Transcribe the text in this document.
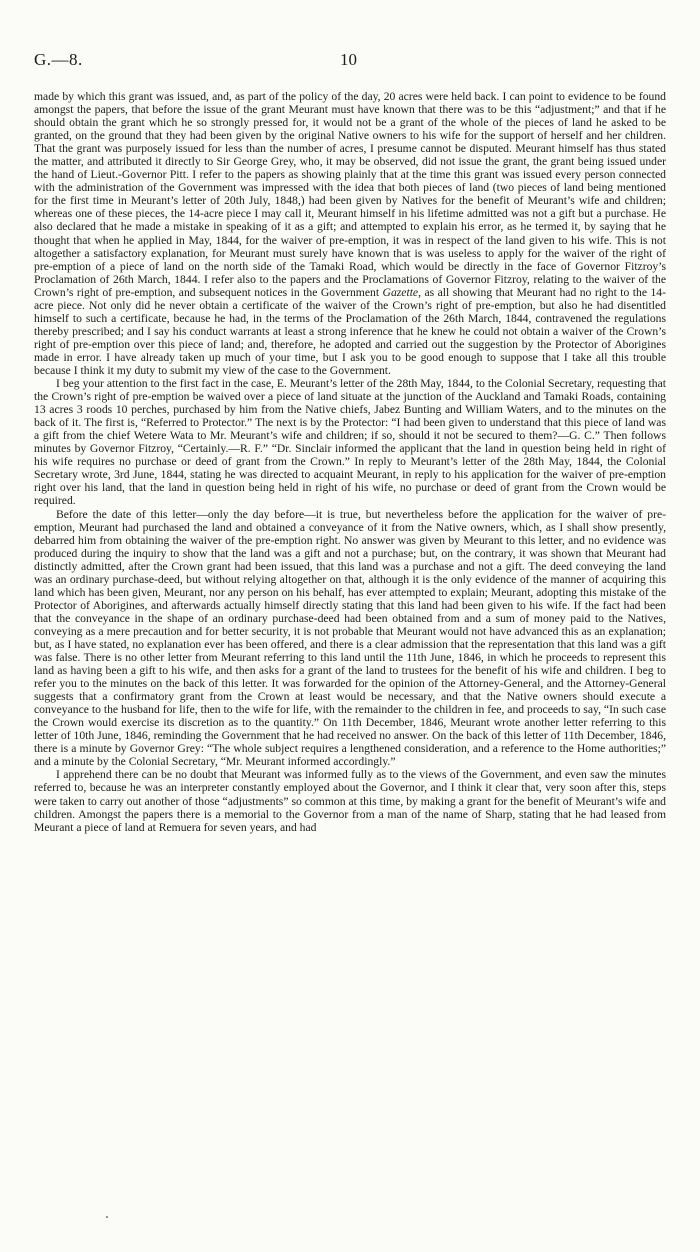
G.—8.	10

made by which this grant was issued, and, as part of the policy of the day, 20 acres were held back. I can point to evidence to be found amongst the papers, that before the issue of the grant Meurant must have known that there was to be this “adjustment;” and that if he should obtain the grant which he so strongly pressed for, it would not be a grant of the whole of the pieces of land he asked to be granted, on the ground that they had been given by the original Native owners to his wife for the support of herself and her children. That the grant was purposely issued for less than the number of acres, I presume cannot be disputed. Meurant himself has thus stated the matter, and attributed it directly to Sir George Grey, who, it may be observed, did not issue the grant, the grant being issued under the hand of Lieut.-Governor Pitt. I refer to the papers as showing plainly that at the time this grant was issued every person connected with the administration of the Government was impressed with the idea that both pieces of land (two pieces of land being mentioned for the first time in Meurant’s letter of 20th July, 1848,) had been given by Natives for the benefit of Meurant’s wife and children; whereas one of these pieces, the 14-acre piece I may call it, Meurant himself in his lifetime admitted was not a gift but a purchase. He also declared that he made a mistake in speaking of it as a gift; and attempted to explain his error, as he termed it, by saying that he thought that when he applied in May, 1844, for the waiver of pre-emption, it was in respect of the land given to his wife. This is not altogether a satisfactory explanation, for Meurant must surely have known that is was useless to apply for the waiver of the right of pre-emption of a piece of land on the north side of the Tamaki Road, which would be directly in the face of Governor Fitzroy’s Proclamation of 26th March, 1844. I refer also to the papers and the Proclamations of Governor Fitzroy, relating to the waiver of the Crown’s right of pre-emption, and subsequent notices in the Government Gazette, as all showing that Meurant had no right to the 14-acre piece. Not only did he never obtain a certificate of the waiver of the Crown’s right of pre-emption, but also he had disentitled himself to such a certificate, because he had, in the terms of the Proclamation of the 26th March, 1844, contravened the regulations thereby prescribed; and I say his conduct warrants at least a strong inference that he knew he could not obtain a waiver of the Crown’s right of pre-emption over this piece of land; and, therefore, he adopted and carried out the suggestion by the Protector of Aborigines made in error. I have already taken up much of your time, but I ask you to be good enough to suppose that I take all this trouble because I think it my duty to submit my view of the case to the Government.

I beg your attention to the first fact in the case, E. Meurant’s letter of the 28th May, 1844, to the Colonial Secretary, requesting that the Crown’s right of pre-emption be waived over a piece of land situate at the junction of the Auckland and Tamaki Roads, containing 13 acres 3 roods 10 perches, purchased by him from the Native chiefs, Jabez Bunting and William Waters, and to the minutes on the back of it. The first is, “Referred to Protector.” The next is by the Protector: “I had been given to understand that this piece of land was a gift from the chief Wetere Wata to Mr. Meurant’s wife and children; if so, should it not be secured to them?—G. C.” Then follows minutes by Governor Fitzroy, “Certainly.—R. F.” “Dr. Sinclair informed the applicant that the land in question being held in right of his wife requires no purchase or deed of grant from the Crown.” In reply to Meurant’s letter of the 28th May, 1844, the Colonial Secretary wrote, 3rd June, 1844, stating he was directed to acquaint Meurant, in reply to his application for the waiver of pre-emption right over his land, that the land in question being held in right of his wife, no purchase or deed of grant from the Crown would be required.

Before the date of this letter—only the day before—it is true, but nevertheless before the application for the waiver of pre-emption, Meurant had purchased the land and obtained a conveyance of it from the Native owners, which, as I shall show presently, debarred him from obtaining the waiver of the pre-emption right. No answer was given by Meurant to this letter, and no evidence was produced during the inquiry to show that the land was a gift and not a purchase; but, on the contrary, it was shown that Meurant had distinctly admitted, after the Crown grant had been issued, that this land was a purchase and not a gift. The deed conveying the land was an ordinary purchase-deed, but without relying altogether on that, although it is the only evidence of the manner of acquiring this land which has been given, Meurant, nor any person on his behalf, has ever attempted to explain; Meurant, adopting this mistake of the Protector of Aborigines, and afterwards actually himself directly stating that this land had been given to his wife. If the fact had been that the conveyance in the shape of an ordinary purchase-deed had been obtained from and a sum of money paid to the Natives, conveying as a mere precaution and for better security, it is not probable that Meurant would not have advanced this as an explanation; but, as I have stated, no explanation ever has been offered, and there is a clear admission that the representation that this land was a gift was false. There is no other letter from Meurant referring to this land until the 11th June, 1846, in which he proceeds to represent this land as having been a gift to his wife, and then asks for a grant of the land to trustees for the benefit of his wife and children. I beg to refer you to the minutes on the back of this letter. It was forwarded for the opinion of the Attorney-General, and the Attorney-General suggests that a confirmatory grant from the Crown at least would be necessary, and that the Native owners should execute a conveyance to the husband for life, then to the wife for life, with the remainder to the children in fee, and proceeds to say, “In such case the Crown would exercise its discretion as to the quantity.” On 11th December, 1846, Meurant wrote another letter referring to this letter of 10th June, 1846, reminding the Government that he had received no answer. On the back of this letter of 11th December, 1846, there is a minute by Governor Grey: “The whole subject requires a lengthened consideration, and a reference to the Home authorities;” and a minute by the Colonial Secretary, “Mr. Meurant informed accordingly.”

I apprehend there can be no doubt that Meurant was informed fully as to the views of the Government, and even saw the minutes referred to, because he was an interpreter constantly employed about the Governor, and I think it clear that, very soon after this, steps were taken to carry out another of those “adjustments” so common at this time, by making a grant for the benefit of Meurant’s wife and children. Amongst the papers there is a memorial to the Governor from a man of the name of Sharp, stating that he had leased from Meurant a piece of land at Remuera for seven years, and had
